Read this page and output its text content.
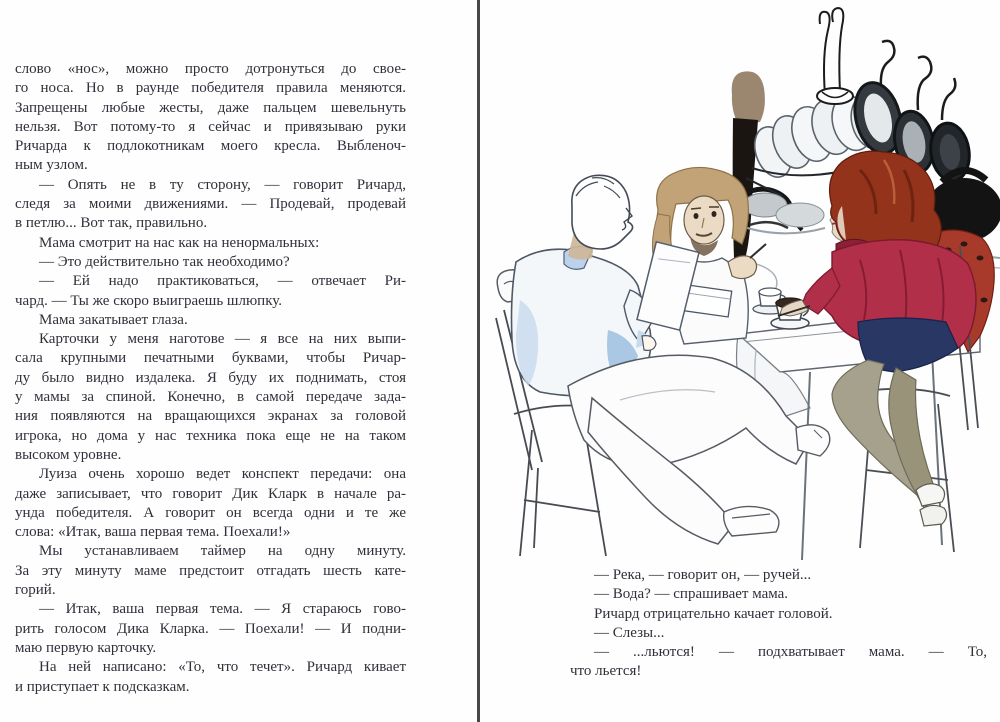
слово «нос», можно просто дотронуться до свое-
го носа. Но в раунде победителя правила меняются.
Запрещены любые жесты, даже пальцем шевельнуть
нельзя. Вот потому-то я сейчас и привязываю руки
Ричарда к подлокотникам моего кресла. Выбленоч-
ным узлом.
— Опять не в ту сторону, — говорит Ричард,
следя за моими движениями. — Продевай, продевай
в петлю... Вот так, правильно.
Мама смотрит на нас как на ненормальных:
— Это действительно так необходимо?
— Ей надо практиковаться, — отвечает Ри-
чард. — Ты же скоро выиграешь шлюпку.
Мама закатывает глаза.
Карточки у меня наготове — я все на них выпи-
сала крупными печатными буквами, чтобы Ричар-
ду было видно издалека. Я буду их поднимать, стоя
у мамы за спиной. Конечно, в самой передаче зада-
ния появляются на вращающихся экранах за головой
игрока, но дома у нас техника пока еще не на таком
высоком уровне.
Луиза очень хорошо ведет конспект передачи: она
даже записывает, что говорит Дик Кларк в начале ра-
унда победителя. А говорит он всегда одни и те же
слова: «Итак, ваша первая тема. Поехали!»
Мы устанавливаем таймер на одну минуту.
За эту минуту маме предстоит отгадать шесть кате-
горий.
— Итак, ваша первая тема. — Я стараюсь гово-
рить голосом Дика Кларка. — Поехали! — И подни-
маю первую карточку.
На ней написано: «То, что течет». Ричард кивает
и приступает к подсказкам.
— Река, — говорит он, — ручей...
— Вода? — спрашивает мама.
Ричард отрицательно качает головой.
— Слезы...
— ...льются! — подхватывает мама. — То,
что льется!
